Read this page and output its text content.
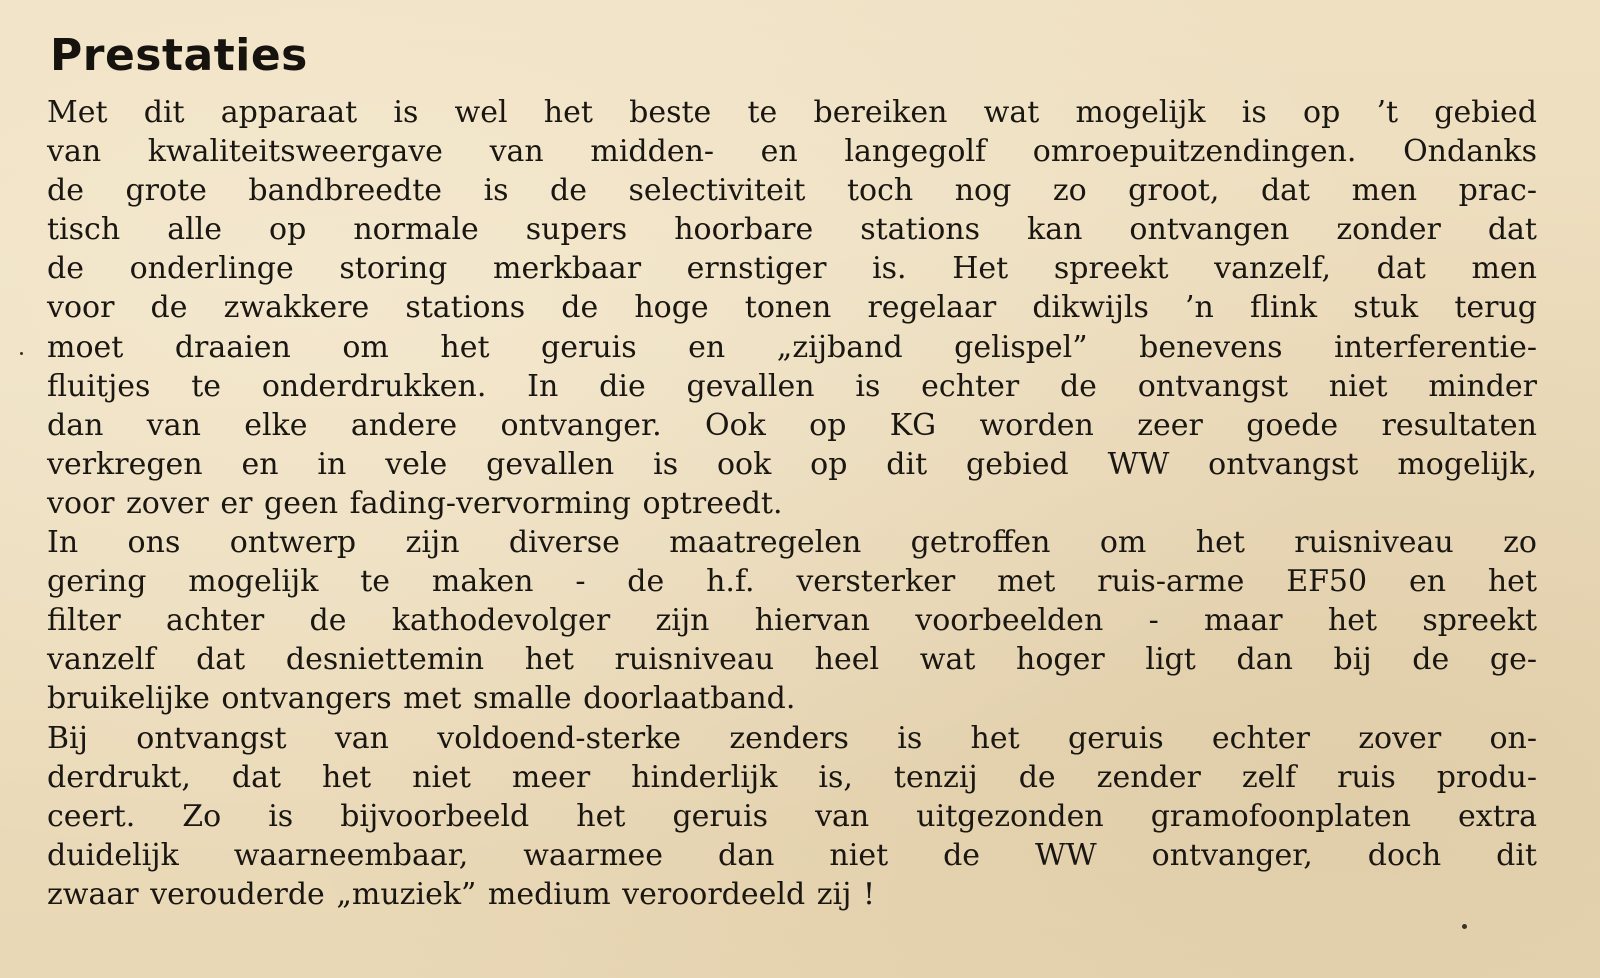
Prestaties
Met dit apparaat is wel het beste te bereiken wat mogelijk is op ’t gebied
van kwaliteitsweergave van midden- en langegolf omroepuitzendingen. Ondanks
de grote bandbreedte is de selectiviteit toch nog zo groot, dat men prac-
tisch alle op normale supers hoorbare stations kan ontvangen zonder dat
de onderlinge storing merkbaar ernstiger is. Het spreekt vanzelf, dat men
voor de zwakkere stations de hoge tonen regelaar dikwijls ’n flink stuk terug
moet draaien om het geruis en „zijband gelispel” benevens interferentie-
fluitjes te onderdrukken. In die gevallen is echter de ontvangst niet minder
dan van elke andere ontvanger. Ook op KG worden zeer goede resultaten
verkregen en in vele gevallen is ook op dit gebied WW ontvangst mogelijk,
voor zover er geen fading-vervorming optreedt.
In ons ontwerp zijn diverse maatregelen getroffen om het ruisniveau zo
gering mogelijk te maken - de h.f. versterker met ruis-arme EF50 en het
filter achter de kathodevolger zijn hiervan voorbeelden - maar het spreekt
vanzelf dat desniettemin het ruisniveau heel wat hoger ligt dan bij de ge-
bruikelijke ontvangers met smalle doorlaatband.
Bij ontvangst van voldoend-sterke zenders is het geruis echter zover on-
derdrukt, dat het niet meer hinderlijk is, tenzij de zender zelf ruis produ-
ceert. Zo is bijvoorbeeld het geruis van uitgezonden gramofoonplaten extra
duidelijk waarneembaar, waarmee dan niet de WW ontvanger, doch dit
zwaar verouderde „muziek” medium veroordeeld zij !
